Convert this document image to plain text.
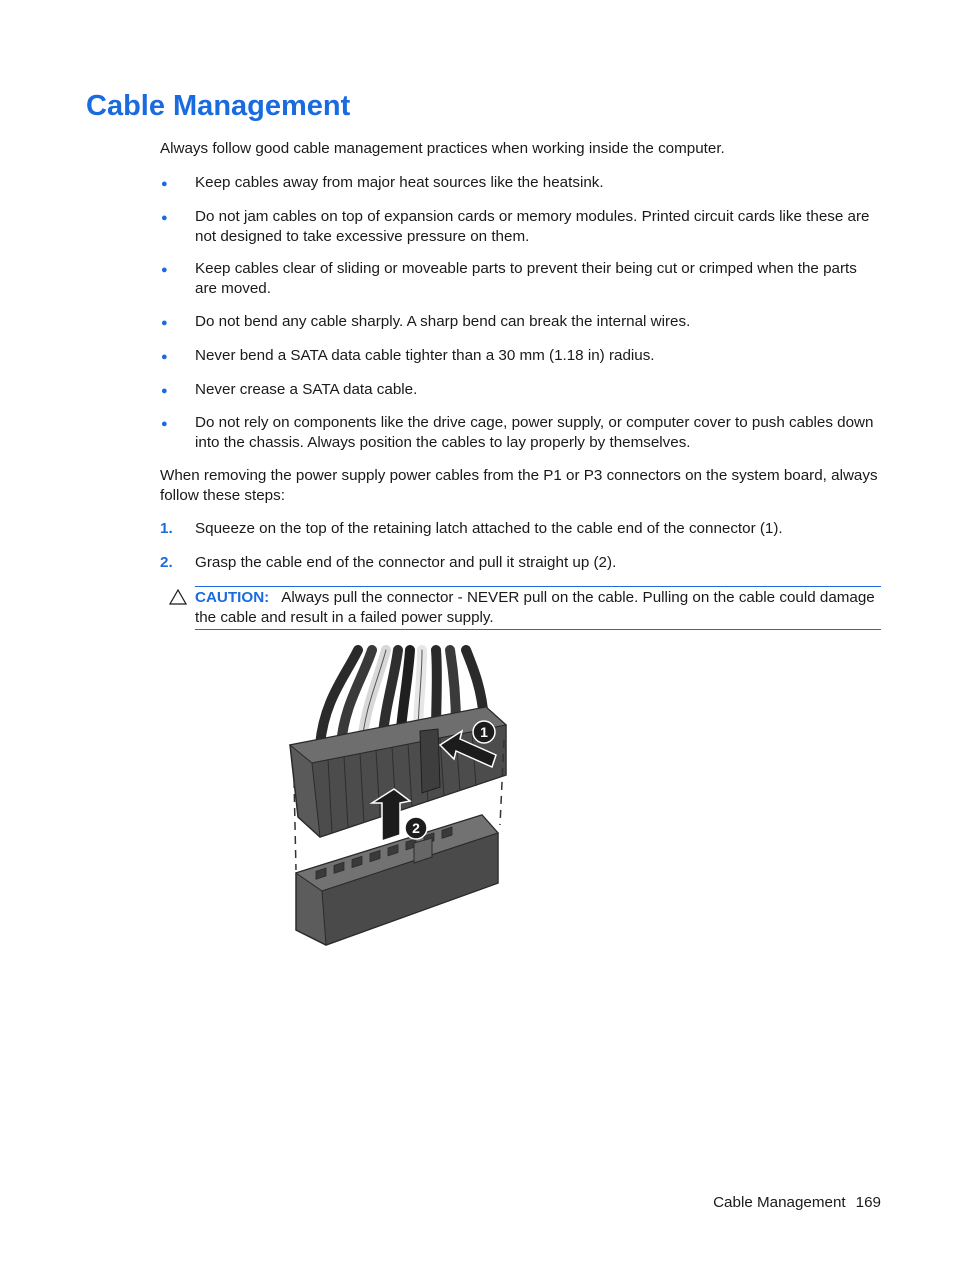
Cable Management

Always follow good cable management practices when working inside the computer.

● Keep cables away from major heat sources like the heatsink.
● Do not jam cables on top of expansion cards or memory modules. Printed circuit cards like these are not designed to take excessive pressure on them.
● Keep cables clear of sliding or moveable parts to prevent their being cut or crimped when the parts are moved.
● Do not bend any cable sharply. A sharp bend can break the internal wires.
● Never bend a SATA data cable tighter than a 30 mm (1.18 in) radius.
● Never crease a SATA data cable.
● Do not rely on components like the drive cage, power supply, or computer cover to push cables down into the chassis. Always position the cables to lay properly by themselves.

When removing the power supply power cables from the P1 or P3 connectors on the system board, always follow these steps:

1. Squeeze on the top of the retaining latch attached to the cable end of the connector (1).
2. Grasp the cable end of the connector and pull it straight up (2).
CAUTION: Always pull the connector - NEVER pull on the cable. Pulling on the cable could damage the cable and result in a failed power supply.
1
2
Cable Management 169
